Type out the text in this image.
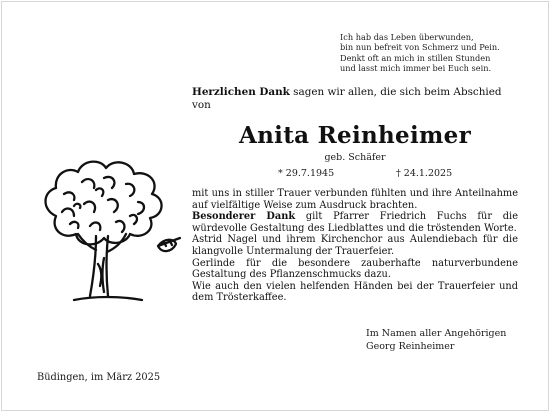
Ich hab das Leben überwunden,
bin nun befreit von Schmerz und Pein.
Denkt oft an mich in stillen Stunden
und lasst mich immer bei Euch sein.
Herzlichen Dank sagen wir allen, die sich beim Abschied
von
Anita Reinheimer
geb. Schäfer
* 29.7.1945	† 24.1.2025

mit uns in stiller Trauer verbunden fühlten und ihre Anteilnahme auf vielfältige Weise zum Ausdruck brachten.

Besonderer Dank gilt Pfarrer Friedrich Fuchs für die würdevolle Gestaltung des Liedblattes und die tröstenden Worte.

Astrid Nagel und ihrem Kirchenchor aus Aulendiebach für die klangvolle Untermalung der Trauerfeier.

Gerlinde für die besondere zauberhafte naturverbundene Gestaltung des Pflanzenschmucks dazu.

Wie auch den vielen helfenden Händen bei der Trauerfeier und dem Trösterkaffee.

Im Namen aller Angehörigen
Georg Reinheimer
Büdingen, im März 2025
